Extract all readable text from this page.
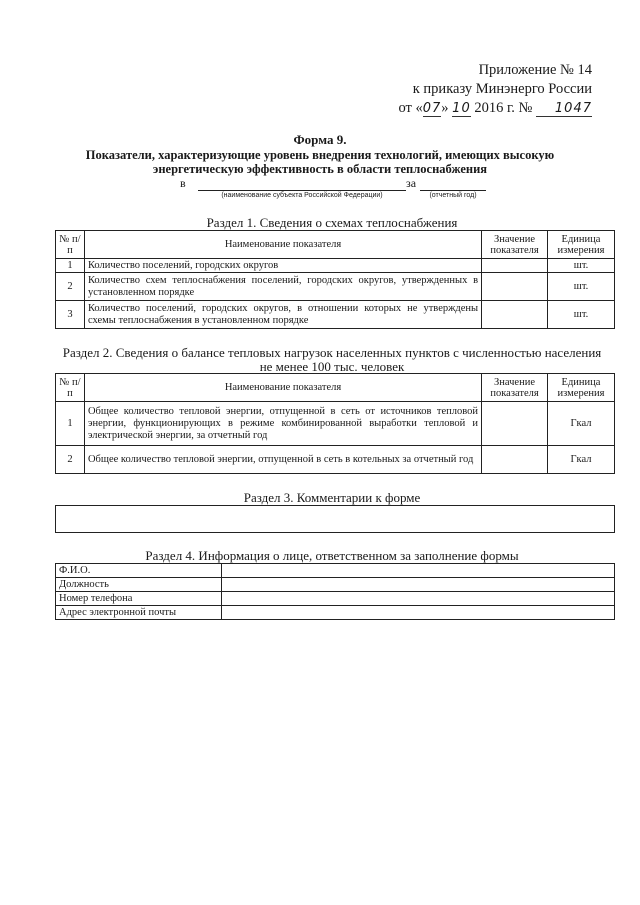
Приложение № 14
к приказу Минэнерго России
от «07» 10 2016 г. № 1047
Форма 9.
Показатели, характеризующие уровень внедрения технологий, имеющих высокую
энергетическую эффективность в области теплоснабжения
в
(наименование субъекта Российской Федерации)
за
(отчетный год)
Раздел 1. Сведения о схемах теплоснабжения
№ п/п	Наименование показателя	Значение показателя	Единица измерения
1	Количество поселений, городских округов		шт.
2	Количество схем теплоснабжения поселений, городских округов, утвержденных в установленном порядке		шт.
3	Количество поселений, городских округов, в отношении которых не утверждены схемы теплоснабжения в установленном порядке		шт.
Раздел 2. Сведения о балансе тепловых нагрузок населенных пунктов с численностью населения
не менее 100 тыс. человек
№ п/п	Наименование показателя	Значение показателя	Единица измерения
1	Общее количество тепловой энергии, отпущенной в сеть от источников тепловой энергии, функционирующих в режиме комбинированной выработки тепловой и электрической энергии, за отчетный год		Гкал
2	Общее количество тепловой энергии, отпущенной в сеть в котельных за отчетный год		Гкал
Раздел 3. Комментарии к форме
Раздел 4. Информация о лице, ответственном за заполнение формы
Ф.И.О.	
Должность	
Номер телефона	
Адрес электронной почты	
